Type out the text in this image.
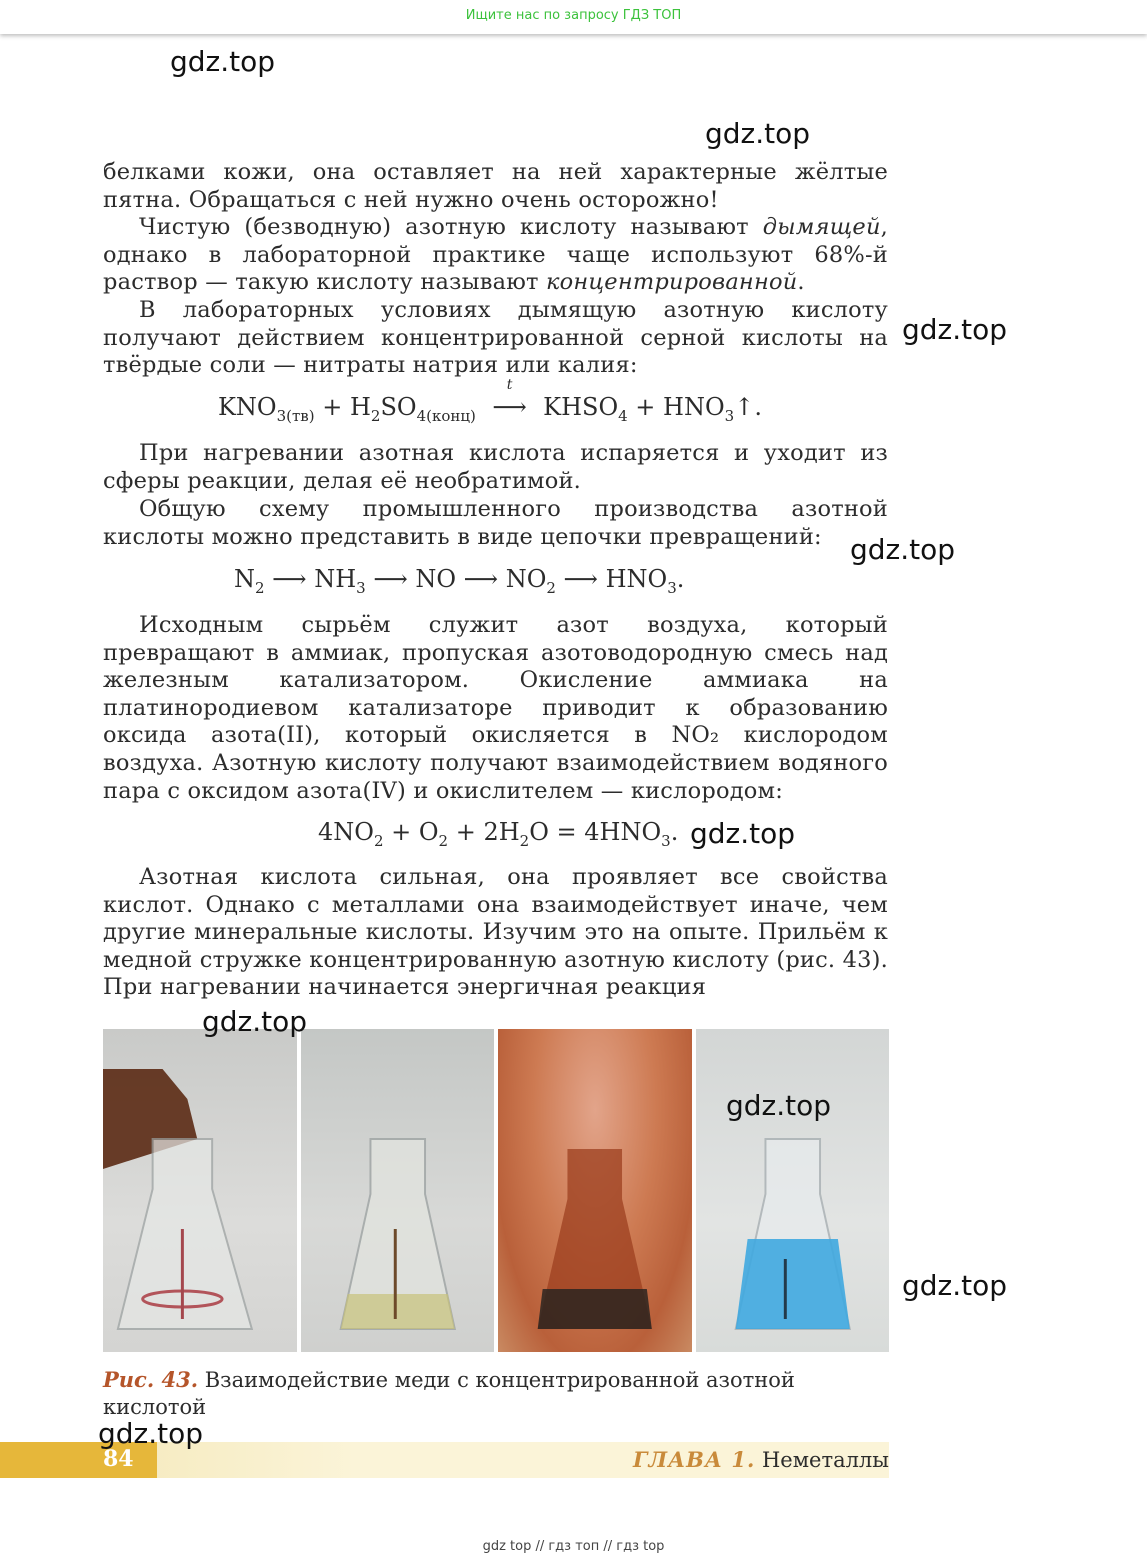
Ищите нас по запросу ГДЗ ТОП
gdz.top
gdz.top
gdz.top
gdz.top
gdz.top
белками кожи, она оставляет на ней характерные жёлтые пятна. Обращаться с ней нужно очень осторожно!
Чистую (безводную) азотную кислоту называют дымящей, однако в лабораторной практике чаще используют 68%-й раствор — такую кислоту называют концентрированной.
В лабораторных условиях дымящую азотную кислоту получают действием концентрированной серной кислоты на твёрдые соли — нитраты натрия или калия:
$KNO_{3(тв)} + H_2SO_{4(конц)}$
t
⟶ $KHSO_4$ + $HNO_3↑$.
При нагревании азотная кислота испаряется и уходит из сферы реакции, делая её необратимой.
Общую схему промышленного производства азотной кислоты можно представить в виде цепочки превращений:
$N_2$ ⟶ $NH_3$ ⟶ NO ⟶ $NO_2$ ⟶ $HNO_3$.
Исходным сырьём служит азот воздуха, который превращают в аммиак, пропуская азотоводородную смесь над железным катализатором. Окисление аммиака на платинородиевом катализаторе приводит к образованию оксида азота(II), который окисляется в NO₂ кислородом воздуха. Азотную кислоту получают взаимодействием водяного пара с оксидом азота(IV) и окислителем — кислородом:
$4NO_2 + O_2 + 2H_2O = 4HNO_3$.
Азотная кислота сильная, она проявляет все свойства кислот. Однако с металлами она взаимодействует иначе, чем другие минеральные кислоты. Изучим это на опыте. Прильём к медной стружке концентрированную азотную кислоту (рис. 43). При нагревании начинается энергичная реакция
gdz.top
gdz.top
gdz.top
Рис. 43. Взаимодействие меди с концентрированной азотной кислотой
84	ГЛАВА 1. Неметаллы
gdz.top
gdz top // гдз топ // гдз top
